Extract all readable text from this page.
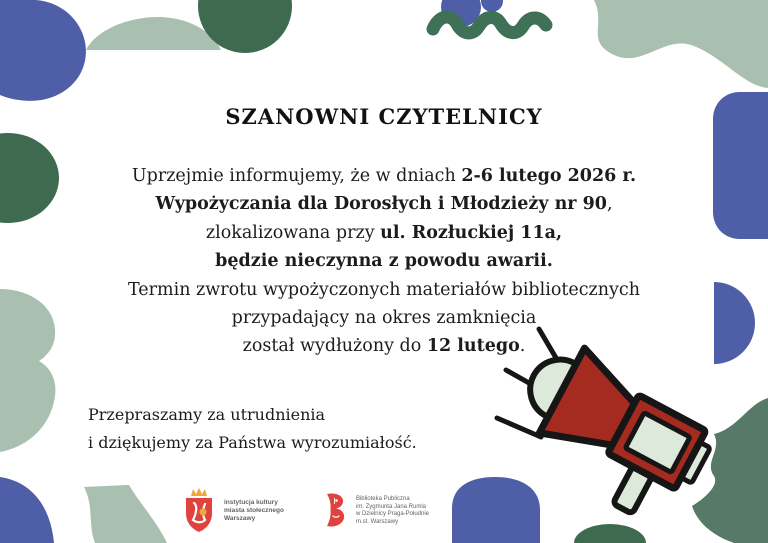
SZANOWNI CZYTELNICY
Uprzejmie informujemy, że w dniach 2-6 lutego 2026 r.
Wypożyczania dla Dorosłych i Młodzieży nr 90,
zlokalizowana przy ul. Rozłuckiej 11a,
będzie nieczynna z powodu awarii.
Termin zwrotu wypożyczonych materiałów bibliotecznych
przypadający na okres zamknięcia
został wydłużony do 12 lutego.
Przepraszamy za utrudnienia
i dziękujemy za Państwa wyrozumiałość.
instytucja kultury
miasta stołecznego
Warszawy
Biblioteka Publiczna
im. Zygmunta Jana Rumla
w Dzielnicy Praga-Południe
m.st. Warszawy
